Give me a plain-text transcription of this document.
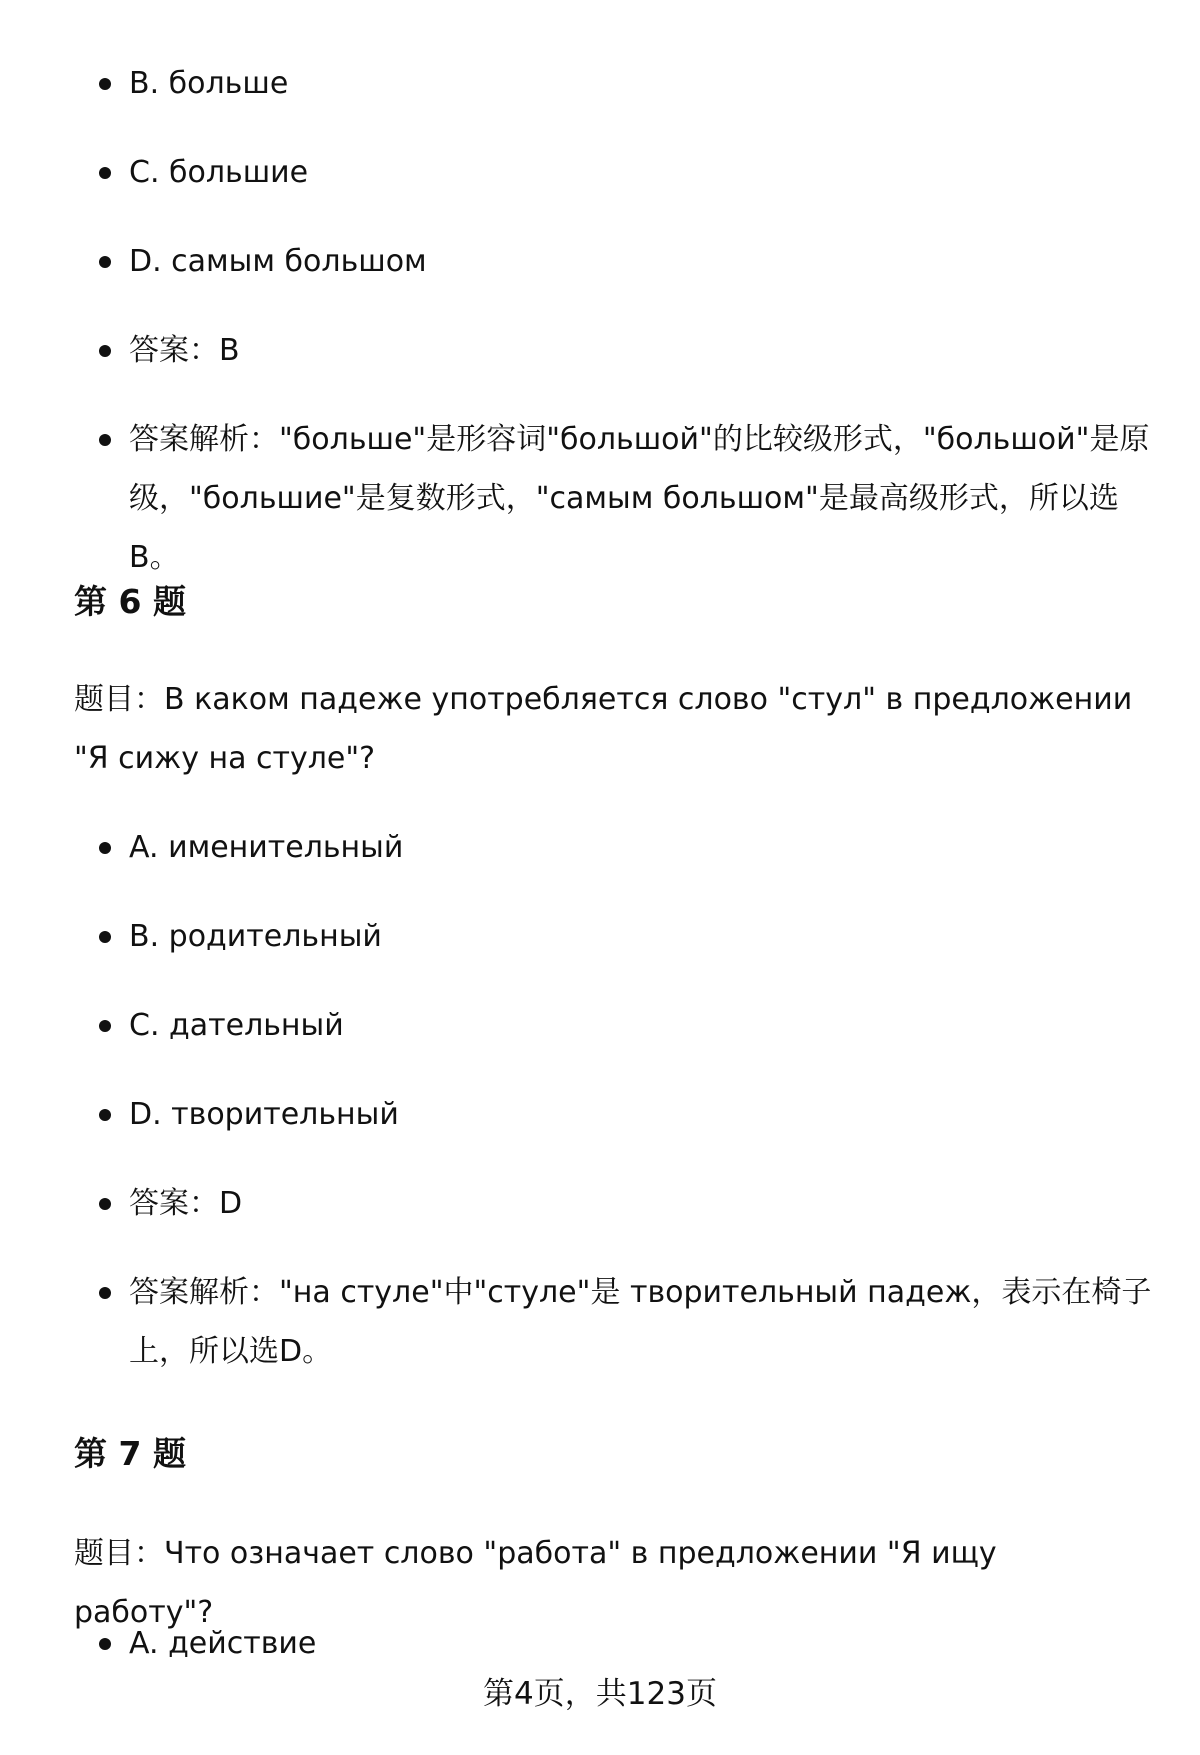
B. больше
C. большие
D. самым большом
答案：B
答案解析："больше"是形容词"большой"的比较级形式，"большой"是原级，"большие"是复数形式，"самым большом"是最高级形式，所以选B。
第 6 题

题目：В каком падеже употребляется слово "стул" в предложении "Я сижу на стуле"?

A. именительный
B. родительный
C. дательный
D. творительный
答案：D
答案解析："на стуле"中"стуле"是 творительный падеж，表示在椅子上，所以选D。
第 7 题

题目：Что означает слово "работа" в предложении "Я ищу работу"?

A. действие
第4页，共123页
